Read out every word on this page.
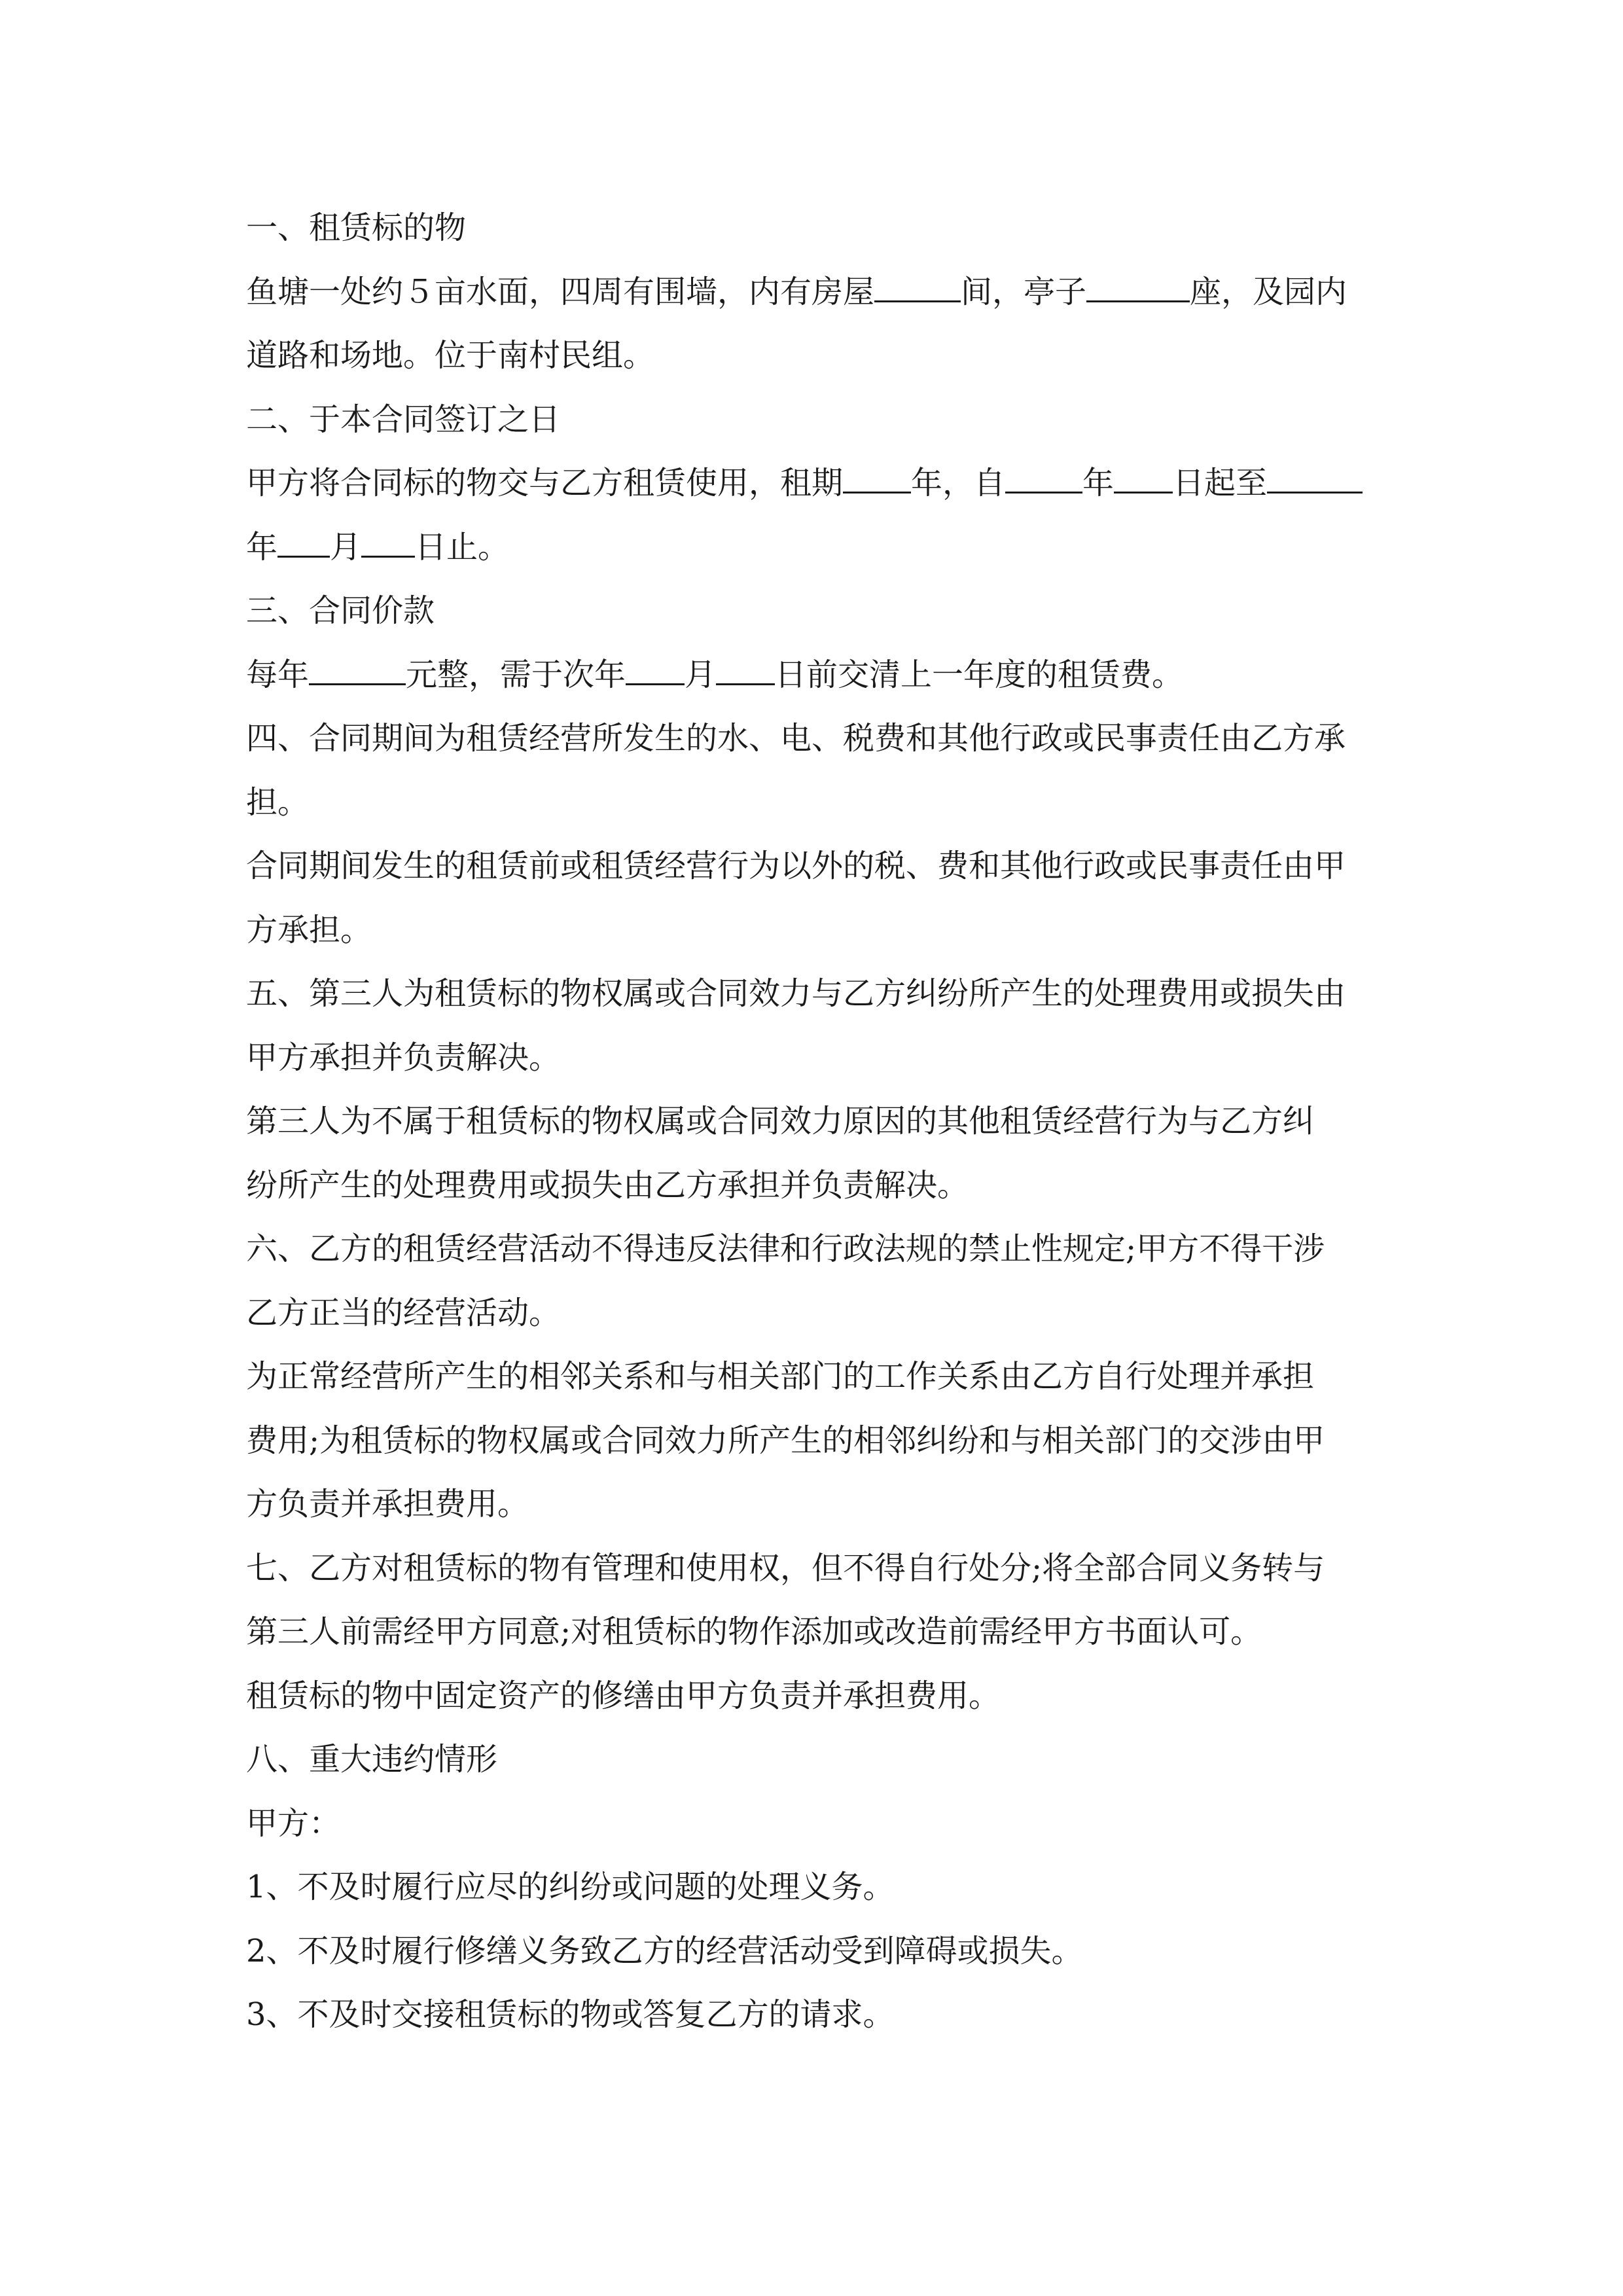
一、租赁标的物
鱼塘一处约５亩水面，四周有围墙，内有房屋	间，亭子	座，及园内
道路和场地。位于南村民组。
二、于本合同签订之日
甲方将合同标的物交与乙方租赁使用，租期 年，自 年 日起至
年 月 日止。
三、合同价款
每年	元整，需于次年 月 日前交清上一年度的租赁费。
四、合同期间为租赁经营所发生的水、电、税费和其他行政或民事责任由乙方承
担。
合同期间发生的租赁前或租赁经营行为以外的税、费和其他行政或民事责任由甲
方承担。
五、第三人为租赁标的物权属或合同效力与乙方纠纷所产生的处理费用或损失由
甲方承担并负责解决。
第三人为不属于租赁标的物权属或合同效力原因的其他租赁经营行为与乙方纠
纷所产生的处理费用或损失由乙方承担并负责解决。
六、乙方的租赁经营活动不得违反法律和行政法规的禁止性规定;甲方不得干涉
乙方正当的经营活动。
为正常经营所产生的相邻关系和与相关部门的工作关系由乙方自行处理并承担
费用;为租赁标的物权属或合同效力所产生的相邻纠纷和与相关部门的交涉由甲
方负责并承担费用。
七、乙方对租赁标的物有管理和使用权，但不得自行处分;将全部合同义务转与
第三人前需经甲方同意;对租赁标的物作添加或改造前需经甲方书面认可。
租赁标的物中固定资产的修缮由甲方负责并承担费用。
八、重大违约情形
甲方：
1、不及时履行应尽的纠纷或问题的处理义务。
2、不及时履行修缮义务致乙方的经营活动受到障碍或损失。
3、不及时交接租赁标的物或答复乙方的请求。
